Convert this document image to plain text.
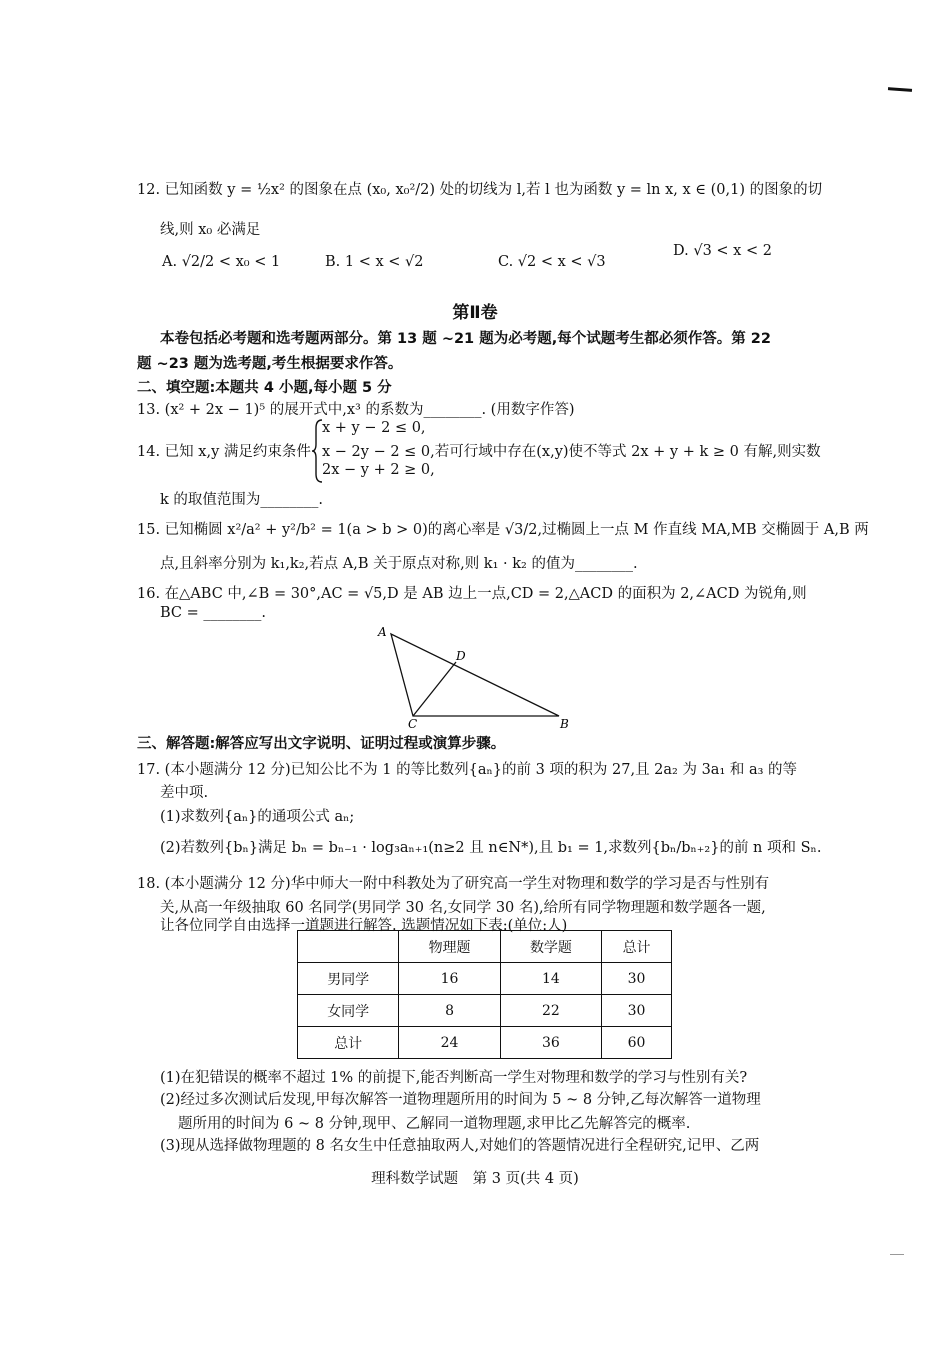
12. 已知函数 y = ½x² 的图象在点 (x₀, x₀²/2) 处的切线为 l,若 l 也为函数 y = ln x, x ∈ (0,1) 的图象的切
线,则 x₀ 必满足
A. √2/2 < x₀ < 1	B. 1 < x < √2	C. √2 < x < √3
D. √3 < x < 2
第Ⅱ卷
本卷包括必考题和选考题两部分。第 13 题 ~21 题为必考题,每个试题考生都必须作答。第 22
题 ~23 题为选考题,考生根据要求作答。
二、填空题:本题共 4 小题,每小题 5 分
13. (x² + 2x − 1)⁵ 的展开式中,x³ 的系数为________. (用数字作答)
14. 已知 x,y 满足约束条件
x + y − 2 ≤ 0,
x − 2y − 2 ≤ 0,若可行域中存在(x,y)使不等式 2x + y + k ≥ 0 有解,则实数
2x − y + 2 ≥ 0,
k 的取值范围为________.
15. 已知椭圆 x²/a² + y²/b² = 1(a > b > 0)的离心率是 √3/2,过椭圆上一点 M 作直线 MA,MB 交椭圆于 A,B 两
点,且斜率分别为 k₁,k₂,若点 A,B 关于原点对称,则 k₁ · k₂ 的值为________.
16. 在△ABC 中,∠B = 30°,AC = √5,D 是 AB 边上一点,CD = 2,△ACD 的面积为 2,∠ACD 为锐角,则
BC = ________.
A
D
C	B
三、解答题:解答应写出文字说明、证明过程或演算步骤。
17. (本小题满分 12 分)已知公比不为 1 的等比数列{aₙ}的前 3 项的积为 27,且 2a₂ 为 3a₁ 和 a₃ 的等
差中项.
(1)求数列{aₙ}的通项公式 aₙ;
(2)若数列{bₙ}满足 bₙ = bₙ₋₁ · log₃aₙ₊₁(n≥2 且 n∈N*),且 b₁ = 1,求数列{bₙ/bₙ₊₂}的前 n 项和 Sₙ.
18. (本小题满分 12 分)华中师大一附中科教处为了研究高一学生对物理和数学的学习是否与性别有
关,从高一年级抽取 60 名同学(男同学 30 名,女同学 30 名),给所有同学物理题和数学题各一题,
让各位同学自由选择一道题进行解答. 选题情况如下表:(单位:人)
	物理题	数学题	总计
男同学	16	14	30
女同学	8	22	30
总计	24	36	60
(1)在犯错误的概率不超过 1% 的前提下,能否判断高一学生对物理和数学的学习与性别有关?
(2)经过多次测试后发现,甲每次解答一道物理题所用的时间为 5 ~ 8 分钟,乙每次解答一道物理
题所用的时间为 6 ~ 8 分钟,现甲、乙解同一道物理题,求甲比乙先解答完的概率.
(3)现从选择做物理题的 8 名女生中任意抽取两人,对她们的答题情况进行全程研究,记甲、乙两
理科数学试题　第 3 页(共 4 页)
